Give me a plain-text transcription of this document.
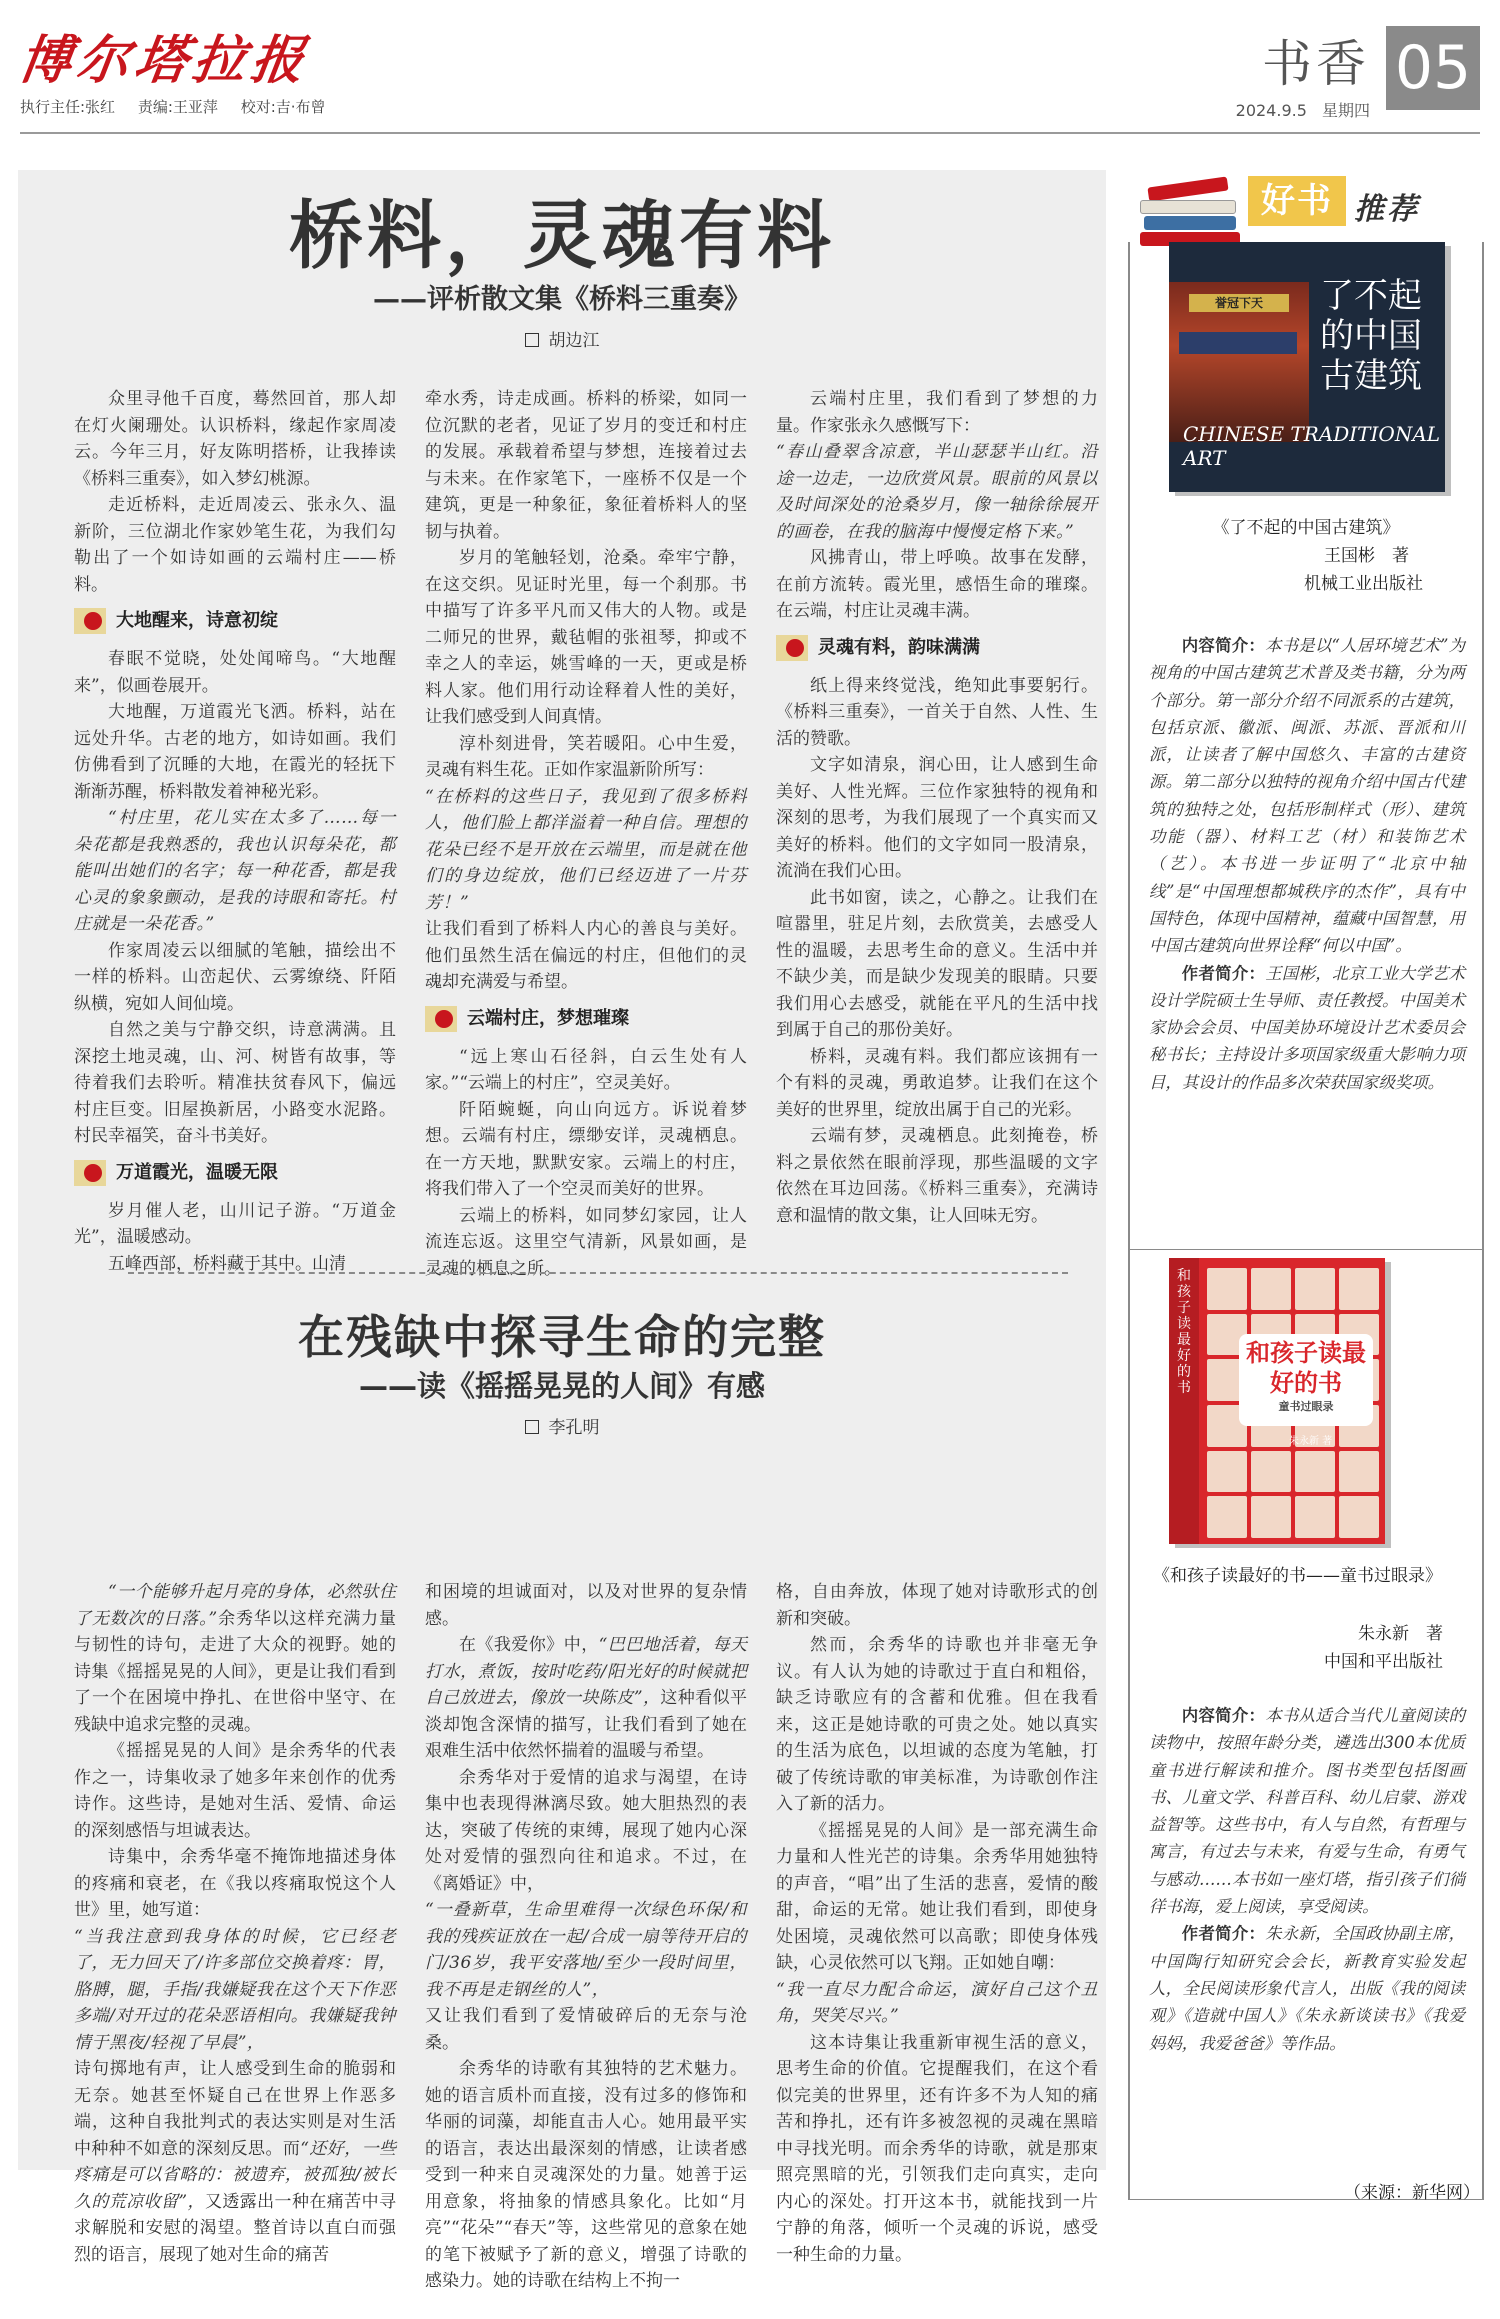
博尔塔拉报
执行主任:张红 责编:王亚萍 校对:吉·布曾
书香 05
2024.9.5 星期四
桥料，灵魂有料
——评析散文集《桥料三重奏》
胡边江

众里寻他千百度，蓦然回首，那人却在灯火阑珊处。认识桥料，缘起作家周凌云。今年三月，好友陈明搭桥，让我捧读《桥料三重奏》，如入梦幻桃源。

走近桥料，走近周凌云、张永久、温新阶，三位湖北作家妙笔生花，为我们勾勒出了一个如诗如画的云端村庄——桥料。

大地醒来，诗意初绽

春眠不觉晓，处处闻啼鸟。“大地醒来”，似画卷展开。

大地醒，万道霞光飞洒。桥料，站在远处升华。古老的地方，如诗如画。我们仿佛看到了沉睡的大地，在霞光的轻抚下渐渐苏醒，桥料散发着神秘光彩。

“村庄里，花儿实在太多了……每一朵花都是我熟悉的，我也认识每朵花，都能叫出她们的名字；每一种花香，都是我心灵的象象颤动，是我的诗眼和寄托。村庄就是一朵花香。”

作家周凌云以细腻的笔触，描绘出不一样的桥料。山峦起伏、云雾缭绕、阡陌纵横，宛如人间仙境。

自然之美与宁静交织，诗意满满。且深挖土地灵魂，山、河、树皆有故事，等待着我们去聆听。精准扶贫春风下，偏远村庄巨变。旧屋换新居，小路变水泥路。村民幸福笑，奋斗书美好。

万道霞光，温暖无限

岁月催人老，山川记子游。“万道金光”，温暖感动。

五峰西部，桥料藏于其中。山清

牵水秀，诗走成画。桥料的桥梁，如同一位沉默的老者，见证了岁月的变迁和村庄的发展。承载着希望与梦想，连接着过去与未来。在作家笔下，一座桥不仅是一个建筑，更是一种象征，象征着桥料人的坚韧与执着。

岁月的笔触轻划，沧桑。牵牢宁静，在这交织。见证时光里，每一个刹那。书中描写了许多平凡而又伟大的人物。或是二师兄的世界，戴毡帽的张祖琴，抑或不幸之人的幸运，姚雪峰的一天，更或是桥料人家。他们用行动诠释着人性的美好，让我们感受到人间真情。

淳朴刻进骨，笑若暖阳。心中生爱，灵魂有料生花。正如作家温新阶所写：

“在桥料的这些日子，我见到了很多桥料人，他们脸上都洋溢着一种自信。理想的花朵已经不是开放在云端里，而是就在他们的身边绽放，他们已经迈进了一片芬芳！”

让我们看到了桥料人内心的善良与美好。他们虽然生活在偏远的村庄，但他们的灵魂却充满爱与希望。

云端村庄，梦想璀璨

“远上寒山石径斜，白云生处有人家。”“云端上的村庄”，空灵美好。

阡陌蜿蜒，向山向远方。诉说着梦想。云端有村庄，缥缈安详，灵魂栖息。在一方天地，默默安家。云端上的村庄，将我们带入了一个空灵而美好的世界。

云端上的桥料，如同梦幻家园，让人流连忘返。这里空气清新，风景如画，是灵魂的栖息之所。

云端村庄里，我们看到了梦想的力量。作家张永久感慨写下：

“春山叠翠含凉意，半山瑟瑟半山红。沿途一边走，一边欣赏风景。眼前的风景以及时间深处的沧桑岁月，像一轴徐徐展开的画卷，在我的脑海中慢慢定格下来。”

风拂青山，带上呼唤。故事在发酵，在前方流转。霞光里，感悟生命的璀璨。在云端，村庄让灵魂丰满。

灵魂有料，韵味满满

纸上得来终觉浅，绝知此事要躬行。《桥料三重奏》，一首关于自然、人性、生活的赞歌。

文字如清泉，润心田，让人感到生命美好、人性光辉。三位作家独特的视角和深刻的思考，为我们展现了一个真实而又美好的桥料。他们的文字如同一股清泉，流淌在我们心田。

此书如窗，读之，心静之。让我们在喧嚣里，驻足片刻，去欣赏美，去感受人性的温暖，去思考生命的意义。生活中并不缺少美，而是缺少发现美的眼睛。只要我们用心去感受，就能在平凡的生活中找到属于自己的那份美好。

桥料，灵魂有料。我们都应该拥有一个有料的灵魂，勇敢追梦。让我们在这个美好的世界里，绽放出属于自己的光彩。

云端有梦，灵魂栖息。此刻掩卷，桥料之景依然在眼前浮现，那些温暖的文字依然在耳边回荡。《桥料三重奏》，充满诗意和温情的散文集，让人回味无穷。

在残缺中探寻生命的完整
——读《摇摇晃晃的人间》有感
李孔明

“一个能够升起月亮的身体，必然驮住了无数次的日落。”余秀华以这样充满力量与韧性的诗句，走进了大众的视野。她的诗集《摇摇晃晃的人间》，更是让我们看到了一个在困境中挣扎、在世俗中坚守、在残缺中追求完整的灵魂。

《摇摇晃晃的人间》是余秀华的代表作之一，诗集收录了她多年来创作的优秀诗作。这些诗，是她对生活、爱情、命运的深刻感悟与坦诚表达。

诗集中，余秀华毫不掩饰地描述身体的疼痛和衰老，在《我以疼痛取悦这个人世》里，她写道：

“当我注意到我身体的时候，它已经老了，无力回天了/许多部位交换着疼：胃，胳膊，腿，手指/我嫌疑我在这个天下作恶多端/对开过的花朵恶语相向。我嫌疑我钟情于黑夜/轻视了早晨”，

诗句掷地有声，让人感受到生命的脆弱和无奈。她甚至怀疑自己在世界上作恶多端，这种自我批判式的表达实则是对生活中种种不如意的深刻反思。而“还好，一些疼痛是可以省略的：被遗弃，被孤独/被长久的荒凉收留”，又透露出一种在痛苦中寻求解脱和安慰的渴望。整首诗以直白而强烈的语言，展现了她对生命的痛苦

和困境的坦诚面对，以及对世界的复杂情感。

在《我爱你》中，“巴巴地活着，每天打水，煮饭，按时吃药/阳光好的时候就把自己放进去，像放一块陈皮”，这种看似平淡却饱含深情的描写，让我们看到了她在艰难生活中依然怀揣着的温暖与希望。

余秀华对于爱情的追求与渴望，在诗集中也表现得淋漓尽致。她大胆热烈的表达，突破了传统的束缚，展现了她内心深处对爱情的强烈向往和追求。不过，在《离婚证》中，

“一叠新草，生命里难得一次绿色环保/和我的残疾证放在一起/合成一扇等待开启的门/36岁，我平安落地/至少一段时间里，我不再是走钢丝的人”，

又让我们看到了爱情破碎后的无奈与沧桑。

余秀华的诗歌有其独特的艺术魅力。她的语言质朴而直接，没有过多的修饰和华丽的词藻，却能直击人心。她用最平实的语言，表达出最深刻的情感，让读者感受到一种来自灵魂深处的力量。她善于运用意象，将抽象的情感具象化。比如“月亮”“花朵”“春天”等，这些常见的意象在她的笔下被赋予了新的意义，增强了诗歌的感染力。她的诗歌在结构上不拘一

格，自由奔放，体现了她对诗歌形式的创新和突破。

然而，余秀华的诗歌也并非毫无争议。有人认为她的诗歌过于直白和粗俗，缺乏诗歌应有的含蓄和优雅。但在我看来，这正是她诗歌的可贵之处。她以真实的生活为底色，以坦诚的态度为笔触，打破了传统诗歌的审美标准，为诗歌创作注入了新的活力。

《摇摇晃晃的人间》是一部充满生命力量和人性光芒的诗集。余秀华用她独特的声音，“唱”出了生活的悲喜，爱情的酸甜，命运的无常。她让我们看到，即使身处困境，灵魂依然可以高歌；即使身体残缺，心灵依然可以飞翔。正如她自嘲：

“我一直尽力配合命运，演好自己这个丑角，哭笑尽兴。”

这本诗集让我重新审视生活的意义，思考生命的价值。它提醒我们，在这个看似完美的世界里，还有许多不为人知的痛苦和挣扎，还有许多被忽视的灵魂在黑暗中寻找光明。而余秀华的诗歌，就是那束照亮黑暗的光，引领我们走向真实，走向内心的深处。打开这本书，就能找到一片宁静的角落，倾听一个灵魂的诉说，感受一种生命的力量。

好书 推荐
誉冠下天	了不起的中国古建筑
CHINESE TRADITIONAL ART
《了不起的中国古建筑》
王国彬　著
机械工业出版社

内容简介：本书是以“人居环境艺术”为视角的中国古建筑艺术普及类书籍，分为两个部分。第一部分介绍不同派系的古建筑，包括京派、徽派、闽派、苏派、晋派和川派，让读者了解中国悠久、丰富的古建资源。第二部分以独特的视角介绍中国古代建筑的独特之处，包括形制样式（形）、建筑功能（器）、材料工艺（材）和装饰艺术（艺）。本书进一步证明了“北京中轴线”是“中国理想都城秩序的杰作”，具有中国特色，体现中国精神，蕴藏中国智慧，用中国古建筑向世界诠释“何以中国”。

作者简介：王国彬，北京工业大学艺术设计学院硕士生导师、责任教授。中国美术家协会会员、中国美协环境设计艺术委员会秘书长；主持设计多项国家级重大影响力项目，其设计的作品多次荣获国家级奖项。

和孩子读最好的书
和孩子读最好的书
童书过眼录
朱永新 著
《和孩子读最好的书——童书过眼录》
朱永新　著
中国和平出版社

内容简介：本书从适合当代儿童阅读的读物中，按照年龄分类，遴选出300本优质童书进行解读和推介。图书类型包括图画书、儿童文学、科普百科、幼儿启蒙、游戏益智等。这些书中，有人与自然，有哲理与寓言，有过去与未来，有爱与生命，有勇气与感动……本书如一座灯塔，指引孩子们徜徉书海，爱上阅读，享受阅读。

作者简介：朱永新，全国政协副主席，中国陶行知研究会会长，新教育实验发起人，全民阅读形象代言人，出版《我的阅读观》《造就中国人》《朱永新谈读书》《我爱妈妈，我爱爸爸》等作品。

（来源：新华网）
